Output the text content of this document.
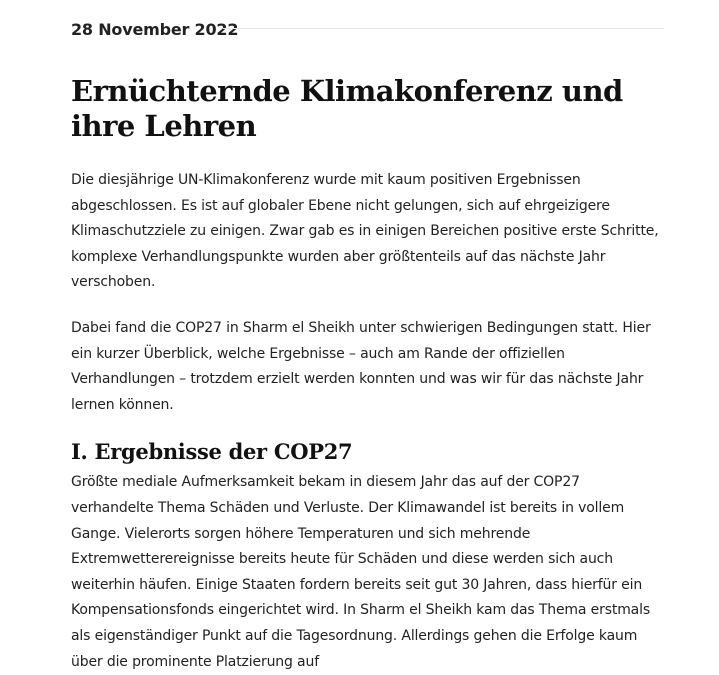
28 November 2022
Ernüchternde Klimakonferenz und ihre Lehren

Die diesjährige UN-Klimakonferenz wurde mit kaum positiven Ergebnissen abgeschlossen. Es ist auf globaler Ebene nicht gelungen, sich auf ehrgeizigere Klimaschutzziele zu einigen. Zwar gab es in einigen Bereichen positive erste Schritte, komplexe Verhandlungspunkte wurden aber größtenteils auf das nächste Jahr verschoben.

Dabei fand die COP27 in Sharm el Sheikh unter schwierigen Bedingungen statt. Hier ein kurzer Überblick, welche Ergebnisse – auch am Rande der offiziellen Verhandlungen – trotzdem erzielt werden konnten und was wir für das nächste Jahr lernen können.

I. Ergebnisse der COP27

Größte mediale Aufmerksamkeit bekam in diesem Jahr das auf der COP27 verhandelte Thema Schäden und Verluste. Der Klimawandel ist bereits in vollem Gange. Vielerorts sorgen höhere Temperaturen und sich mehrende Extremwetterereignisse bereits heute für Schäden und diese werden sich auch weiterhin häufen. Einige Staaten fordern bereits seit gut 30 Jahren, dass hierfür ein Kompensationsfonds eingerichtet wird. In Sharm el Sheikh kam das Thema erstmals als eigenständiger Punkt auf die Tagesordnung. Allerdings gehen die Erfolge kaum über die prominente Platzierung auf
